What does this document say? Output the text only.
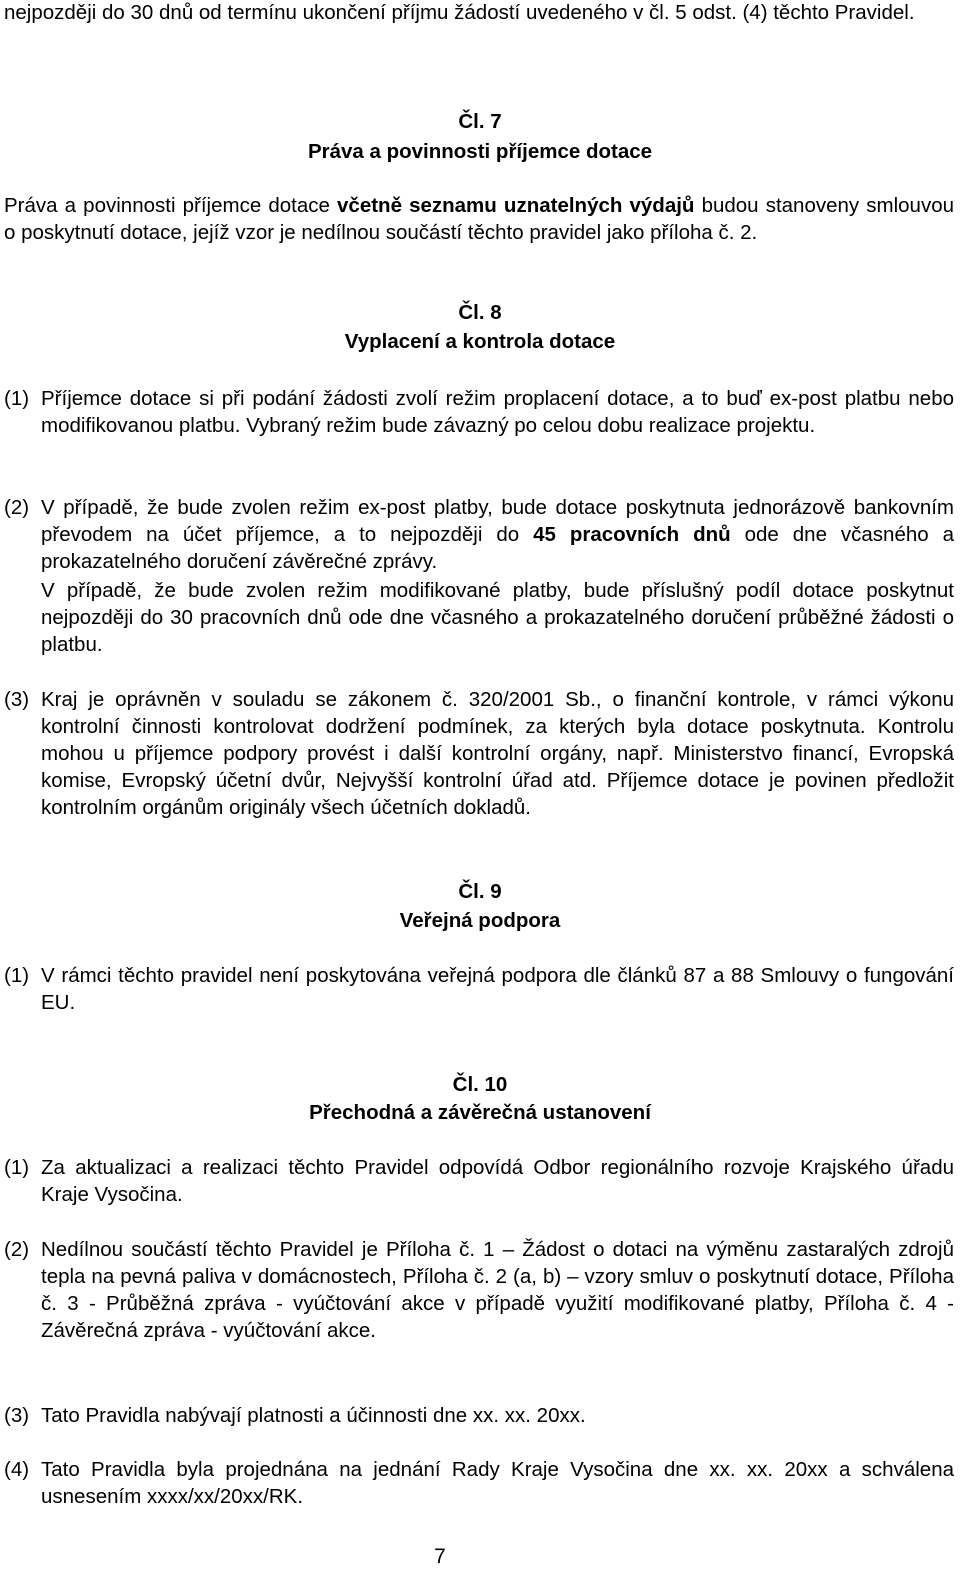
nejpozději do 30 dnů od termínu ukončení příjmu žádostí uvedeného v čl. 5 odst. (4) těchto Pravidel.

Čl. 7
Práva a povinnosti příjemce dotace

Práva a povinnosti příjemce dotace včetně seznamu uznatelných výdajů budou stanoveny smlouvou o poskytnutí dotace, jejíž vzor je nedílnou součástí těchto pravidel jako příloha č. 2.

Čl. 8
Vyplacení a kontrola dotace
(1) Příjemce dotace si při podání žádosti zvolí režim proplacení dotace, a to buď ex-post platbu nebo modifikovanou platbu. Vybraný režim bude závazný po celou dobu realizace projektu.

(2) V případě, že bude zvolen režim ex-post platby, bude dotace poskytnuta jednorázově bankovním převodem na účet příjemce, a to nejpozději do 45 pracovních dnů ode dne včasného a prokazatelného doručení závěrečné zprávy.

V případě, že bude zvolen režim modifikované platby, bude příslušný podíl dotace poskytnut nejpozději do 30 pracovních dnů ode dne včasného a prokazatelného doručení průběžné žádosti o platbu.

(3) Kraj je oprávněn v souladu se zákonem č. 320/2001 Sb., o finanční kontrole, v rámci výkonu kontrolní činnosti kontrolovat dodržení podmínek, za kterých byla dotace poskytnuta. Kontrolu mohou u příjemce podpory provést i další kontrolní orgány, např. Ministerstvo financí, Evropská komise, Evropský účetní dvůr, Nejvyšší kontrolní úřad atd. Příjemce dotace je povinen předložit kontrolním orgánům originály všech účetních dokladů.

Čl. 9
Veřejná podpora
(1) V rámci těchto pravidel není poskytována veřejná podpora dle článků 87 a 88 Smlouvy o fungování EU.

Čl. 10
Přechodná a závěrečná ustanovení
(1) Za aktualizaci a realizaci těchto Pravidel odpovídá Odbor regionálního rozvoje Krajského úřadu Kraje Vysočina.

(2) Nedílnou součástí těchto Pravidel je Příloha č. 1 – Žádost o dotaci na výměnu zastaralých zdrojů tepla na pevná paliva v domácnostech, Příloha č. 2 (a, b) – vzory smluv o poskytnutí dotace, Příloha č. 3 - Průběžná zpráva - vyúčtování akce v případě využití modifikované platby, Příloha č. 4 - Závěrečná zpráva - vyúčtování akce.

(3) Tato Pravidla nabývají platnosti a účinnosti dne xx. xx. 20xx.

(4) Tato Pravidla byla projednána na jednání Rady Kraje Vysočina dne xx. xx. 20xx a schválena usnesením xxxx/xx/20xx/RK.

7
